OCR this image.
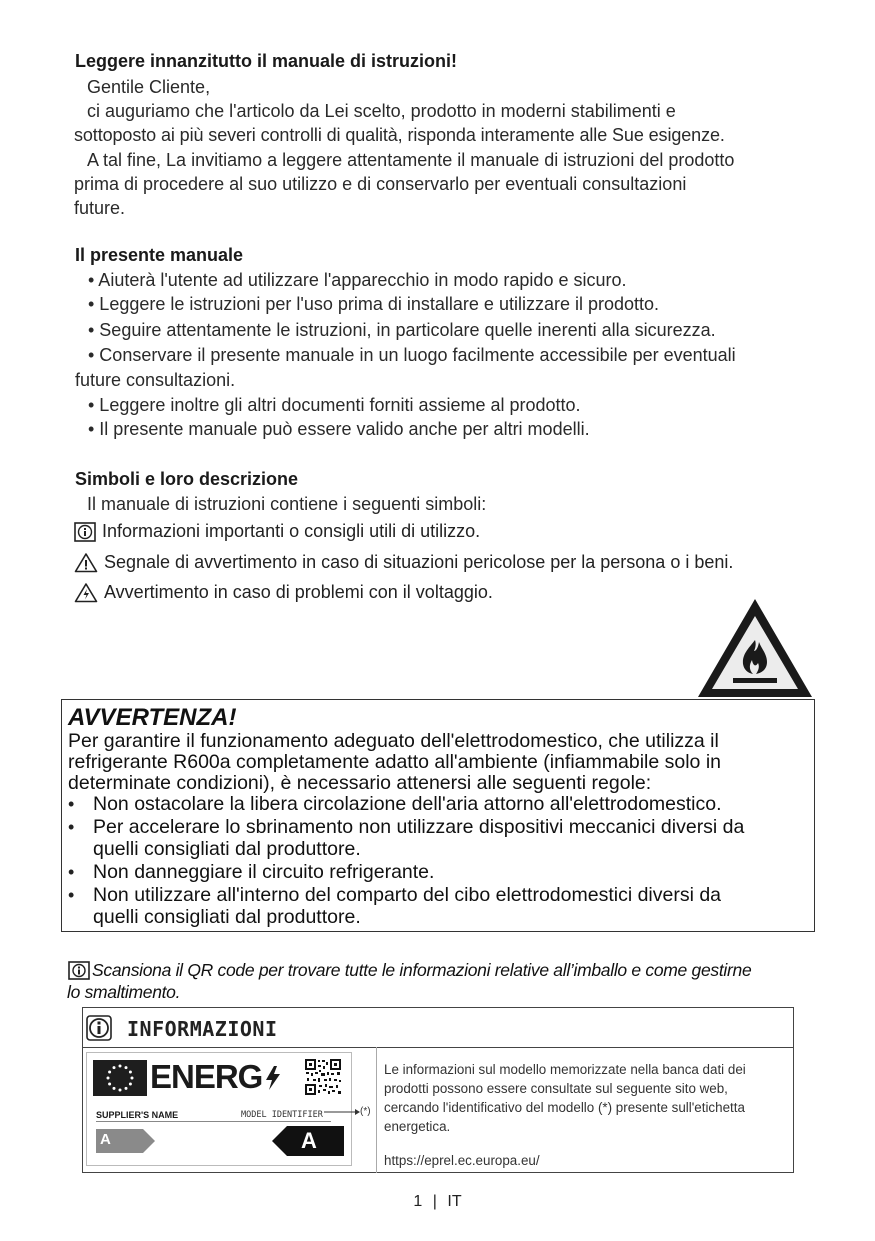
Leggere innanzitutto il manuale di istruzioni!
Gentile Cliente,
ci auguriamo che l'articolo da Lei scelto, prodotto in moderni stabilimenti e
sottoposto ai più severi controlli di qualità, risponda interamente alle Sue esigenze.
A tal fine, La invitiamo a leggere attentamente il manuale di istruzioni del prodotto
prima di procedere al suo utilizzo e di conservarlo per eventuali consultazioni
future.
Il presente manuale
• Aiuterà l'utente ad utilizzare l'apparecchio in modo rapido e sicuro.
• Leggere le istruzioni per l'uso prima di installare e utilizzare il prodotto.
• Seguire attentamente le istruzioni, in particolare quelle inerenti alla sicurezza.
• Conservare il presente manuale in un luogo facilmente accessibile per eventuali
future consultazioni.
• Leggere inoltre gli altri documenti forniti assieme al prodotto.
• Il presente manuale può essere valido anche per altri modelli.
Simboli e loro descrizione
Il manuale di istruzioni contiene i seguenti simboli:
Informazioni importanti o consigli utili di utilizzo.
Segnale di avvertimento in caso di situazioni pericolose per la persona o i beni.
Avvertimento in caso di problemi con il voltaggio.
AVVERTENZA!
Per garantire il funzionamento adeguato dell'elettrodomestico, che utilizza il
refrigerante R600a completamente adatto all'ambiente (infiammabile solo in
determinate condizioni), è necessario attenersi alle seguenti regole:
• Non ostacolare la libera circolazione dell'aria attorno all'elettrodomestico.
• Per accelerare lo sbrinamento non utilizzare dispositivi meccanici diversi da
quelli consigliati dal produttore.
• Non danneggiare il circuito refrigerante.
• Non utilizzare all'interno del comparto del cibo elettrodomestici diversi da
quelli consigliati dal produttore.
Scansiona il QR code per trovare tutte le informazioni relative all’imballo e come gestirne
lo smaltimento.
INFORMAZIONI
ENERG
SUPPLIER'S NAME	MODEL IDENTIFIER
A	A
(*)
Le informazioni sul modello memorizzate nella banca dati dei
prodotti possono essere consultate sul seguente sito web,
cercando l'identificativo del modello (*) presente sull'etichetta
energetica.
https://eprel.ec.europa.eu/
1 | IT
